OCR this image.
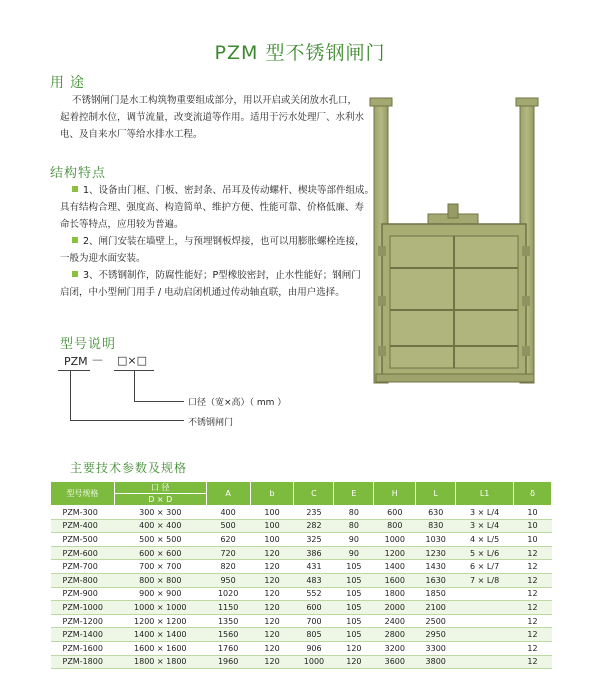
PZM 型不锈钢闸门
用途
不锈钢闸门是水工构筑物重要组成部分，用以开启或关闭放水孔口，
起着控制水位，调节流量，改变流道等作用。适用于污水处理厂、水利水
电、及自来水厂等给水排水工程。
结构特点
1、设备由门框、门板、密封条、吊耳及传动螺杆、楔块等部件组成。
具有结构合理、强度高、构造简单、维护方便、性能可靠、价格低廉、寿
命长等特点，应用较为普遍。
2、闸门安装在墙壁上，与预埋钢板焊接，也可以用膨胀螺栓连接，
一般为迎水面安装。
3、不锈钢制作，防腐性能好；P型橡胶密封，止水性能好；钢闸门
启闭，中小型闸门用手 / 电动启闭机通过传动轴直联，由用户选择。
型号说明
PZM — □×□
口径（宽×高）（ mm ）
不锈钢闸门
主要技术参数及规格
型号规格	口 径	A	b	C	E	H	L	L1	δ
	D × D								
PZM-300	300 × 300	400	100	235	80	600	630	3 × L/4	10
PZM-400	400 × 400	500	100	282	80	800	830	3 × L/4	10
PZM-500	500 × 500	620	100	325	90	1000	1030	4 × L/5	10
PZM-600	600 × 600	720	120	386	90	1200	1230	5 × L/6	12
PZM-700	700 × 700	820	120	431	105	1400	1430	6 × L/7	12
PZM-800	800 × 800	950	120	483	105	1600	1630	7 × L/8	12
PZM-900	900 × 900	1020	120	552	105	1800	1850		12
PZM-1000	1000 × 1000	1150	120	600	105	2000	2100		12
PZM-1200	1200 × 1200	1350	120	700	105	2400	2500		12
PZM-1400	1400 × 1400	1560	120	805	105	2800	2950		12
PZM-1600	1600 × 1600	1760	120	906	120	3200	3300		12
PZM-1800	1800 × 1800	1960	120	1000	120	3600	3800		12
